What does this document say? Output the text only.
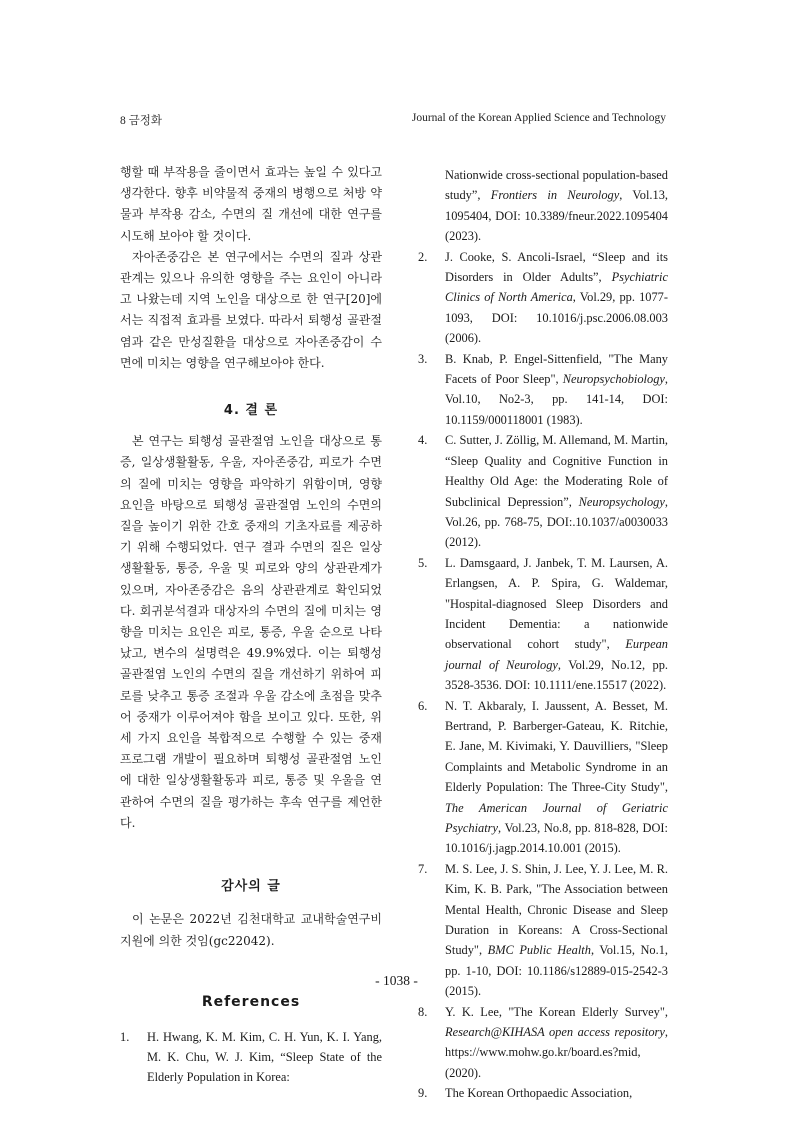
8 금정화	Journal of the Korean Applied Science and Technology

행할 때 부작용을 줄이면서 효과는 높일 수 있다고 생각한다. 향후 비약물적 중재의 병행으로 처방 약물과 부작용 감소, 수면의 질 개선에 대한 연구를 시도해 보아야 할 것이다.

자아존중감은 본 연구에서는 수면의 질과 상관관계는 있으나 유의한 영향을 주는 요인이 아니라고 나왔는데 지역 노인을 대상으로 한 연구[20]에서는 직접적 효과를 보였다. 따라서 퇴행성 골관절염과 같은 만성질환을 대상으로 자아존중감이 수면에 미치는 영향을 연구해보아야 한다.

4. 결 론

본 연구는 퇴행성 골관절염 노인을 대상으로 통증, 일상생활활동, 우울, 자아존중감, 피로가 수면의 질에 미치는 영향을 파악하기 위함이며, 영향 요인을 바탕으로 퇴행성 골관절염 노인의 수면의 질을 높이기 위한 간호 중재의 기초자료를 제공하기 위해 수행되었다. 연구 결과 수면의 질은 일상생활활동, 통증, 우울 및 피로와 양의 상관관계가 있으며, 자아존중감은 음의 상관관계로 확인되었다. 회귀분석결과 대상자의 수면의 질에 미치는 영향을 미치는 요인은 피로, 통증, 우울 순으로 나타났고, 변수의 설명력은 49.9%였다. 이는 퇴행성 골관절염 노인의 수면의 질을 개선하기 위하여 피로를 낮추고 통증 조절과 우울 감소에 초점을 맞추어 중재가 이루어져야 함을 보이고 있다. 또한, 위 세 가지 요인을 복합적으로 수행할 수 있는 중재 프로그램 개발이 필요하며 퇴행성 골관절염 노인에 대한 일상생활활동과 피로, 통증 및 우울을 연관하여 수면의 질을 평가하는 후속 연구를 제언한다.

감사의 글

이 논문은 2022년 김천대학교 교내학술연구비 지원에 의한 것임(gc22042).

References
1. H. Hwang, K. M. Kim, C. H. Yun, K. I. Yang, M. K. Chu, W. J. Kim, “Sleep State of the Elderly Population in Korea:
Nationwide cross-sectional population-based study”, Frontiers in Neurology, Vol.13, 1095404, DOI: 10.3389/fneur.2022.1095404 (2023).
2. J. Cooke, S. Ancoli-Israel, “Sleep and its Disorders in Older Adults”, Psychiatric Clinics of North America, Vol.29, pp. 1077-1093, DOI: 10.1016/j.psc.2006.08.003 (2006).
3. B. Knab, P. Engel-Sittenfield, "The Many Facets of Poor Sleep", Neuropsychobiology, Vol.10, No2-3, pp. 141-14, DOI: 10.1159/000118001 (1983).
4. C. Sutter, J. Zöllig, M. Allemand, M. Martin, “Sleep Quality and Cognitive Function in Healthy Old Age: the Moderating Role of Subclinical Depression”, Neuropsychology, Vol.26, pp. 768-75, DOI:.10.1037/a0030033 (2012).
5. L. Damsgaard, J. Janbek, T. M. Laursen, A. Erlangsen, A. P. Spira, G. Waldemar, "Hospital-diagnosed Sleep Disorders and Incident Dementia: a nationwide observational cohort study", Eurpean journal of Neurology, Vol.29, No.12, pp. 3528-3536. DOI: 10.1111/ene.15517 (2022).
6. N. T. Akbaraly, I. Jaussent, A. Besset, M. Bertrand, P. Barberger-Gateau, K. Ritchie, E. Jane, M. Kivimaki, Y. Dauvilliers, "Sleep Complaints and Metabolic Syndrome in an Elderly Population: The Three-City Study", The American Journal of Geriatric Psychiatry, Vol.23, No.8, pp. 818-828, DOI: 10.1016/j.jagp.2014.10.001 (2015).
7. M. S. Lee, J. S. Shin, J. Lee, Y. J. Lee, M. R. Kim, K. B. Park, "The Association between Mental Health, Chronic Disease and Sleep Duration in Koreans: A Cross-Sectional Study", BMC Public Health, Vol.15, No.1, pp. 1-10, DOI: 10.1186/s12889-015-2542-3 (2015).
8. Y. K. Lee, "The Korean Elderly Survey", Research@KIHASA open access repository, https://www.mohw.go.kr/board.es?mid, (2020).
9. The Korean Orthopaedic Association,
- 1038 -
